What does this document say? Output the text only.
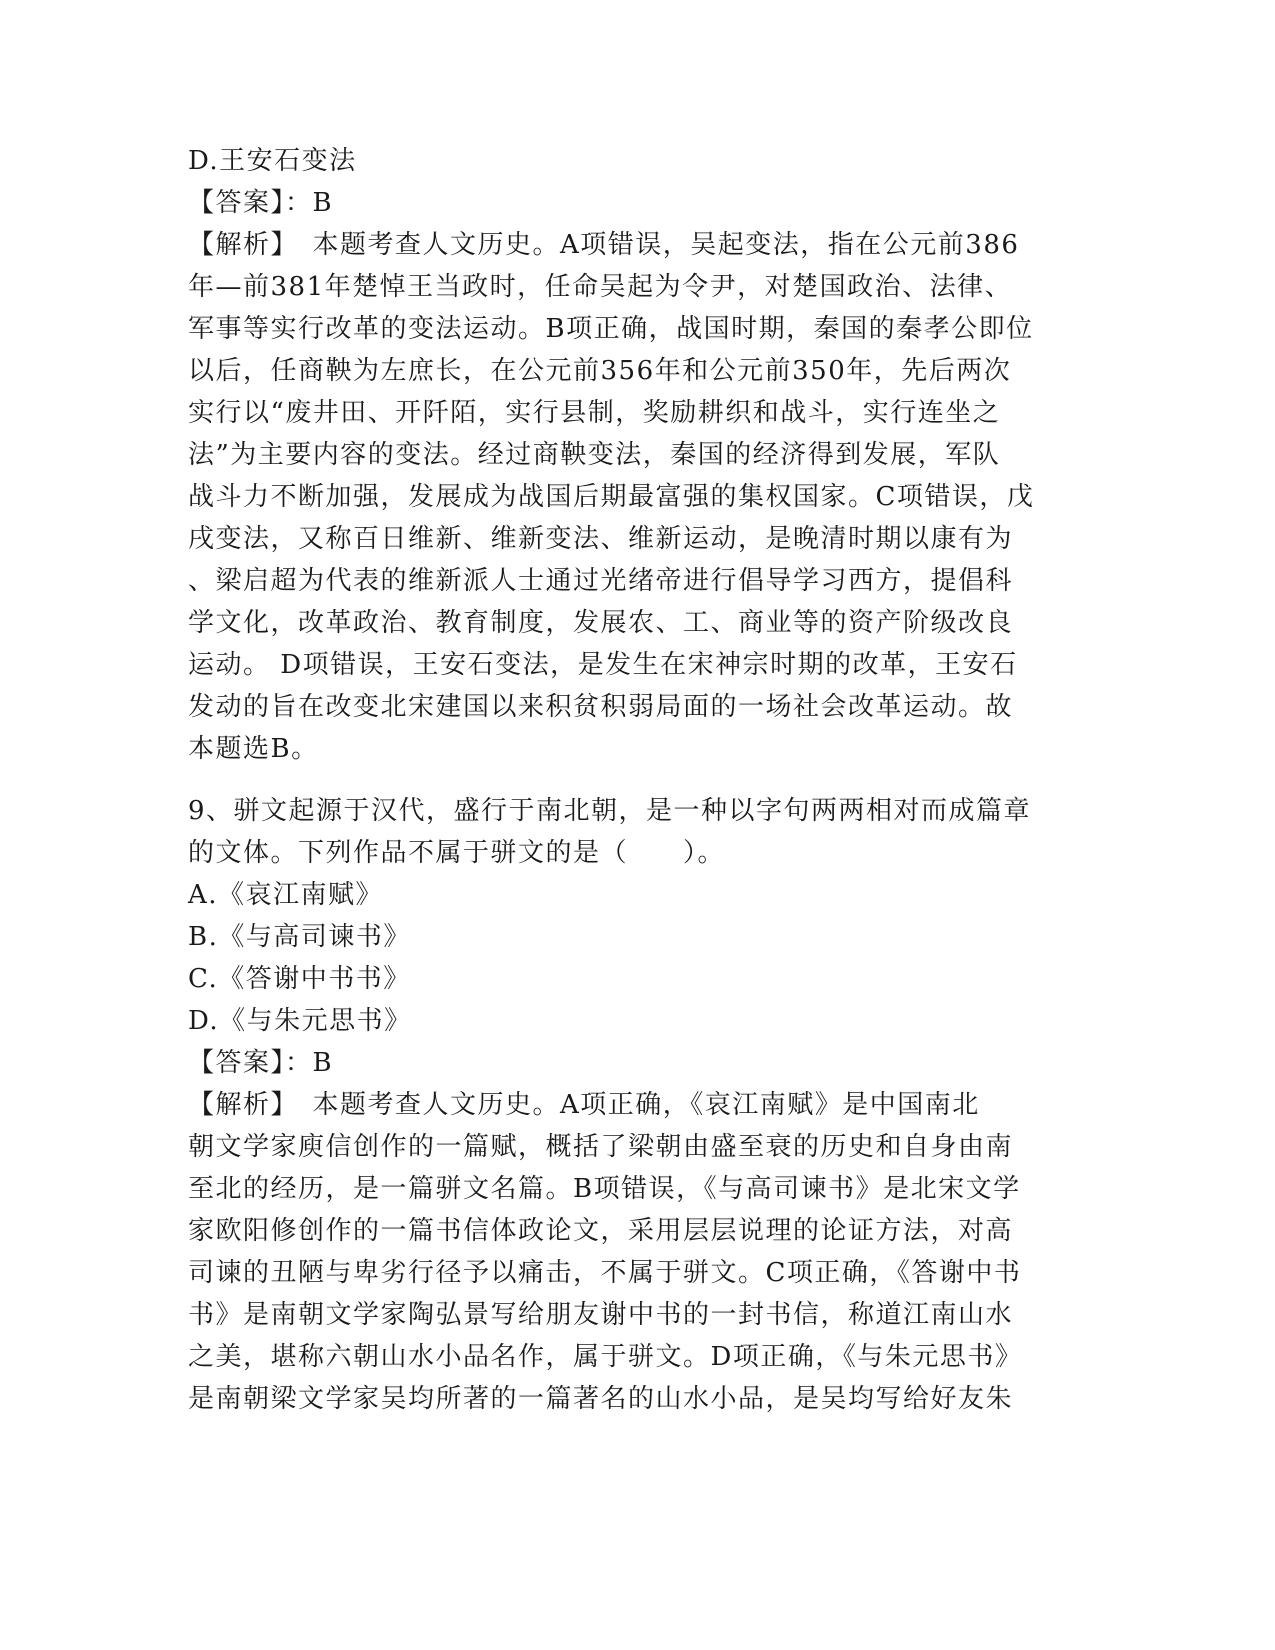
D.王安石变法
【答案】：B
【解析】　本题考查人文历史。A项错误，吴起变法，指在公元前386
年—前381年楚悼王当政时，任命吴起为令尹，对楚国政治、法律、
军事等实行改革的变法运动。B项正确，战国时期，秦国的秦孝公即位
以后，任商鞅为左庶长，在公元前356年和公元前350年，先后两次
实行以“废井田、开阡陌，实行县制，奖励耕织和战斗，实行连坐之
法”为主要内容的变法。经过商鞅变法，秦国的经济得到发展，军队
战斗力不断加强，发展成为战国后期最富强的集权国家。C项错误，戊
戌变法，又称百日维新、维新变法、维新运动，是晚清时期以康有为
、梁启超为代表的维新派人士通过光绪帝进行倡导学习西方，提倡科
学文化，改革政治、教育制度，发展农、工、商业等的资产阶级改良
运动。 D项错误，王安石变法，是发生在宋神宗时期的改革，王安石
发动的旨在改变北宋建国以来积贫积弱局面的一场社会改革运动。故
本题选B。
9、骈文起源于汉代，盛行于南北朝，是一种以字句两两相对而成篇章
的文体。下列作品不属于骈文的是（　　）。
A.《哀江南赋》
B.《与高司谏书》
C.《答谢中书书》
D.《与朱元思书》
【答案】：B
【解析】　本题考查人文历史。A项正确，《哀江南赋》是中国南北
朝文学家庾信创作的一篇赋，概括了梁朝由盛至衰的历史和自身由南
至北的经历，是一篇骈文名篇。B项错误，《与高司谏书》是北宋文学
家欧阳修创作的一篇书信体政论文，采用层层说理的论证方法，对高
司谏的丑陋与卑劣行径予以痛击，不属于骈文。C项正确，《答谢中书
书》是南朝文学家陶弘景写给朋友谢中书的一封书信，称道江南山水
之美，堪称六朝山水小品名作，属于骈文。D项正确，《与朱元思书》
是南朝梁文学家吴均所著的一篇著名的山水小品，是吴均写给好友朱
